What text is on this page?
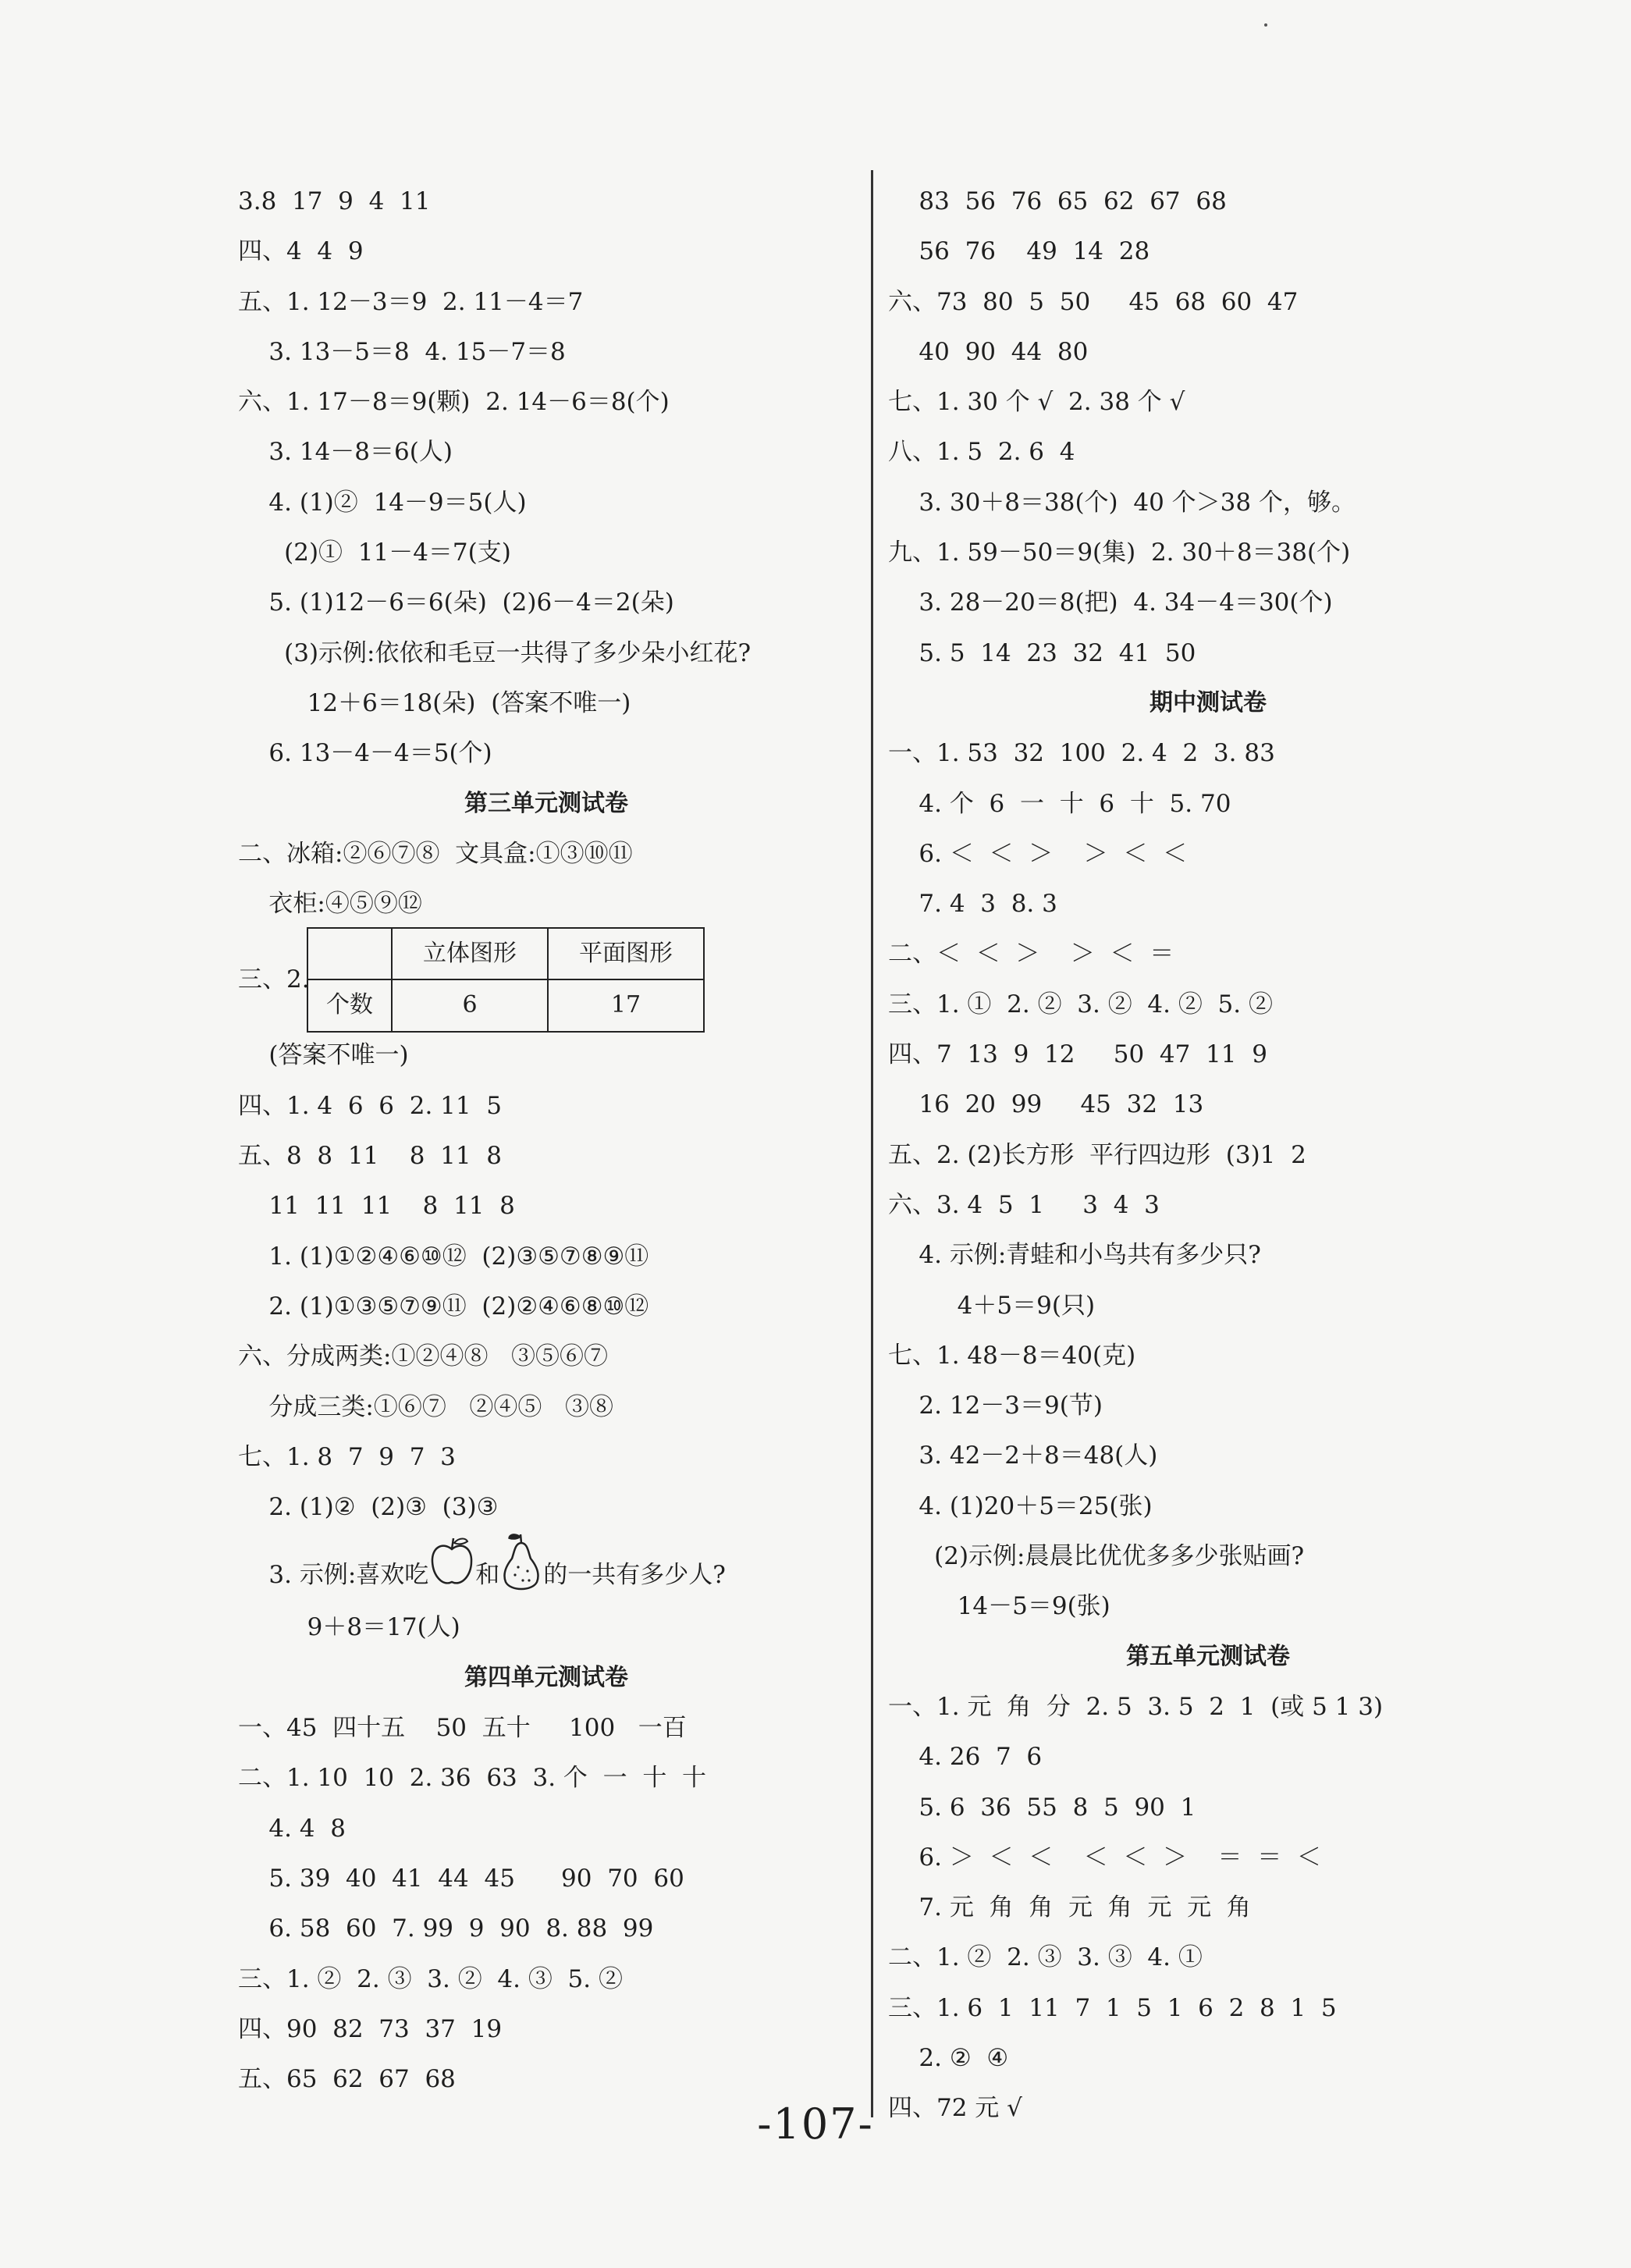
3.8  17  9  4  11
四、4  4  9
五、1. 12－3＝9  2. 11－4＝7
3. 13－5＝8  4. 15－7＝8
六、1. 17－8＝9(颗)  2. 14－6＝8(个)
3. 14－8＝6(人)
4. (1)②  14－9＝5(人)
(2)①  11－4＝7(支)
5. (1)12－6＝6(朵)  (2)6－4＝2(朵)
(3)示例:依依和毛豆一共得了多少朵小红花?
12＋6＝18(朵)  (答案不唯一)
6. 13－4－4＝5(个)
第三单元测试卷
二、冰箱:②⑥⑦⑧  文具盒:①③⑩⑪
衣柜:④⑤⑨⑫
三、2.
	立体图形	平面图形
个数	6	17
(答案不唯一)
四、1. 4  6  6  2. 11  5
五、8  8  11    8  11  8
11  11  11    8  11  8
1. (1)①②④⑥⑩⑫  (2)③⑤⑦⑧⑨⑪
2. (1)①③⑤⑦⑨⑪  (2)②④⑥⑧⑩⑫
六、分成两类:①②④⑧   ③⑤⑥⑦
分成三类:①⑥⑦   ②④⑤   ③⑧
七、1. 8  7  9  7  3
2. (1)②  (2)③  (3)③
3. 示例:喜欢吃 和 的一共有多少人?
9＋8＝17(人)
第四单元测试卷
一、45  四十五    50  五十     100   一百
二、1. 10  10  2. 36  63  3. 个  一  十  十
4. 4  8
5. 39  40  41  44  45      90  70  60
6. 58  60  7. 99  9  90  8. 88  99
三、1. ②  2. ③  3. ②  4. ③  5. ②
四、90  82  73  37  19
五、65  62  67  68
83  56  76  65  62  67  68
56  76    49  14  28
六、73  80  5  50     45  68  60  47
40  90  44  80
七、1. 30 个 √  2. 38 个 √
八、1. 5  2. 6  4
3. 30＋8＝38(个)  40 个＞38 个，够。
九、1. 59－50＝9(集)  2. 30＋8＝38(个)
3. 28－20＝8(把)  4. 34－4＝30(个)
5. 5  14  23  32  41  50
期中测试卷
一、1. 53  32  100  2. 4  2  3. 83
4. 个  6  一  十  6  十  5. 70
6. ＜  ＜  ＞    ＞  ＜  ＜
7. 4  3  8. 3
二、＜  ＜  ＞    ＞  ＜  ＝
三、1. ①  2. ②  3. ②  4. ②  5. ②
四、7  13  9  12     50  47  11  9
16  20  99     45  32  13
五、2. (2)长方形  平行四边形  (3)1  2
六、3. 4  5  1     3  4  3
4. 示例:青蛙和小鸟共有多少只?
4＋5＝9(只)
七、1. 48－8＝40(克)
2. 12－3＝9(节)
3. 42－2＋8＝48(人)
4. (1)20＋5＝25(张)
(2)示例:晨晨比优优多多少张贴画?
14－5＝9(张)
第五单元测试卷
一、1. 元  角  分  2. 5  3. 5  2  1  (或 5 1 3)
4. 26  7  6
5. 6  36  55  8  5  90  1
6. ＞  ＜  ＜    ＜  ＜  ＞    ＝  ＝  ＜
7. 元  角  角  元  角  元  元  角
二、1. ②  2. ③  3. ③  4. ①
三、1. 6  1  11  7  1  5  1  6  2  8  1  5
2. ②  ④
四、72 元 √
-107-
